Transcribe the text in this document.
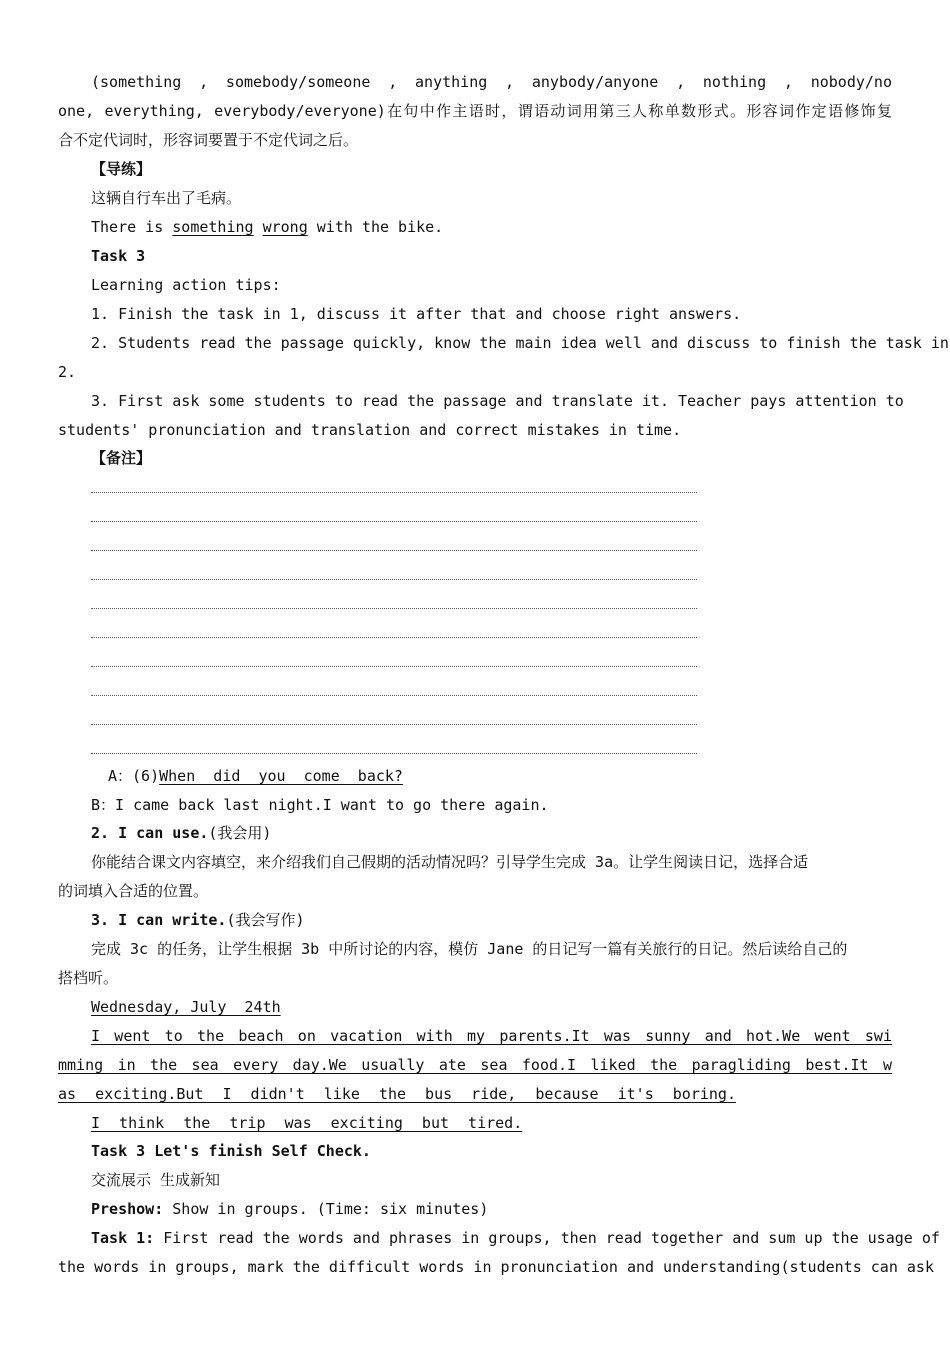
(something , somebody/someone , anything , anybody/anyone , nothing , nobody/no
one, everything, everybody/everyone)在句中作主语时，谓语动词用第三人称单数形式。形容词作定语修饰复
合不定代词时，形容词要置于不定代词之后。
【导练】
这辆自行车出了毛病。
There is something wrong with the bike.
Task 3
Learning action tips:
1. Finish the task in 1, discuss it after that and choose right answers.
2. Students read the passage quickly, know the main idea well and discuss to finish the task in
2.
3. First ask some students to read the passage and translate it. Teacher pays attention to
students' pronunciation and translation and correct mistakes in time.
【备注】
A：(6)When  did  you  come  back?
B：I came back last night.I want to go there again.
2. I can use.(我会用)
你能结合课文内容填空，来介绍我们自己假期的活动情况吗？引导学生完成 3a。让学生阅读日记，选择合适
的词填入合适的位置。
3. I can write.(我会写作)
完成 3c 的任务，让学生根据 3b 中所讨论的内容，模仿 Jane 的日记写一篇有关旅行的日记。然后读给自己的
搭档听。
Wednesday, July  24th
I went to the beach on vacation with my parents.It was sunny and hot.We went swi
mming in the sea every day.We usually ate sea food.I liked the paragliding best.It w
as exciting.But I didn't like the bus ride, because it's boring.
I think the trip was exciting but tired.
Task 3 Let's finish Self Check.
交流展示 生成新知
Preshow: Show in groups. (Time: six minutes)
Task 1: First read the words and phrases in groups, then read together and sum up the usage of
the words in groups, mark the difficult words in pronunciation and understanding(students can ask
